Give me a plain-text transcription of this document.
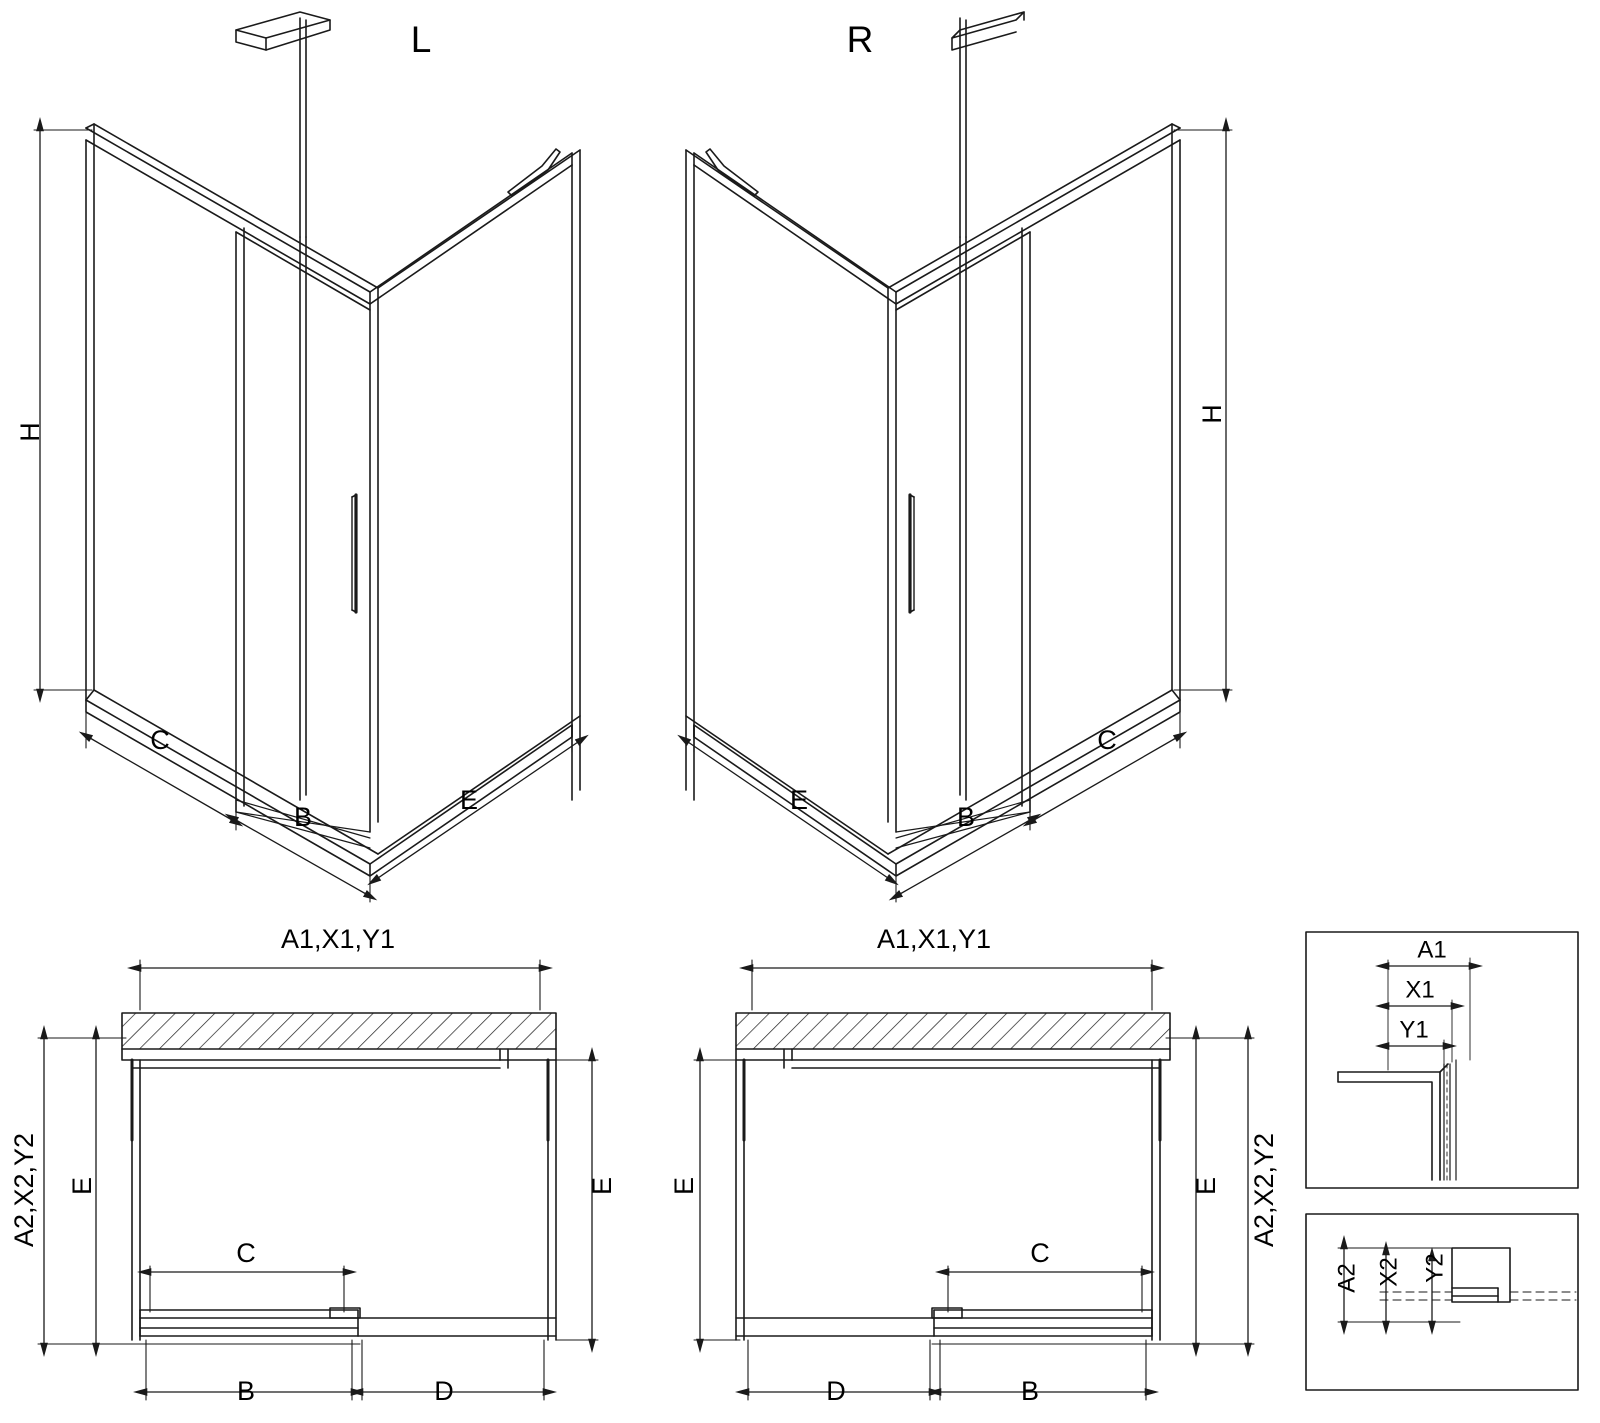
L	R
H
C
B
E
H
C
B
E
A1,X1,Y1
A2,X2,Y2 E	E
C
B	D
A1,X1,Y1
A2,X2,Y2
E
E
C
B
D
A1
X1
Y1
A2 X2 Y2
